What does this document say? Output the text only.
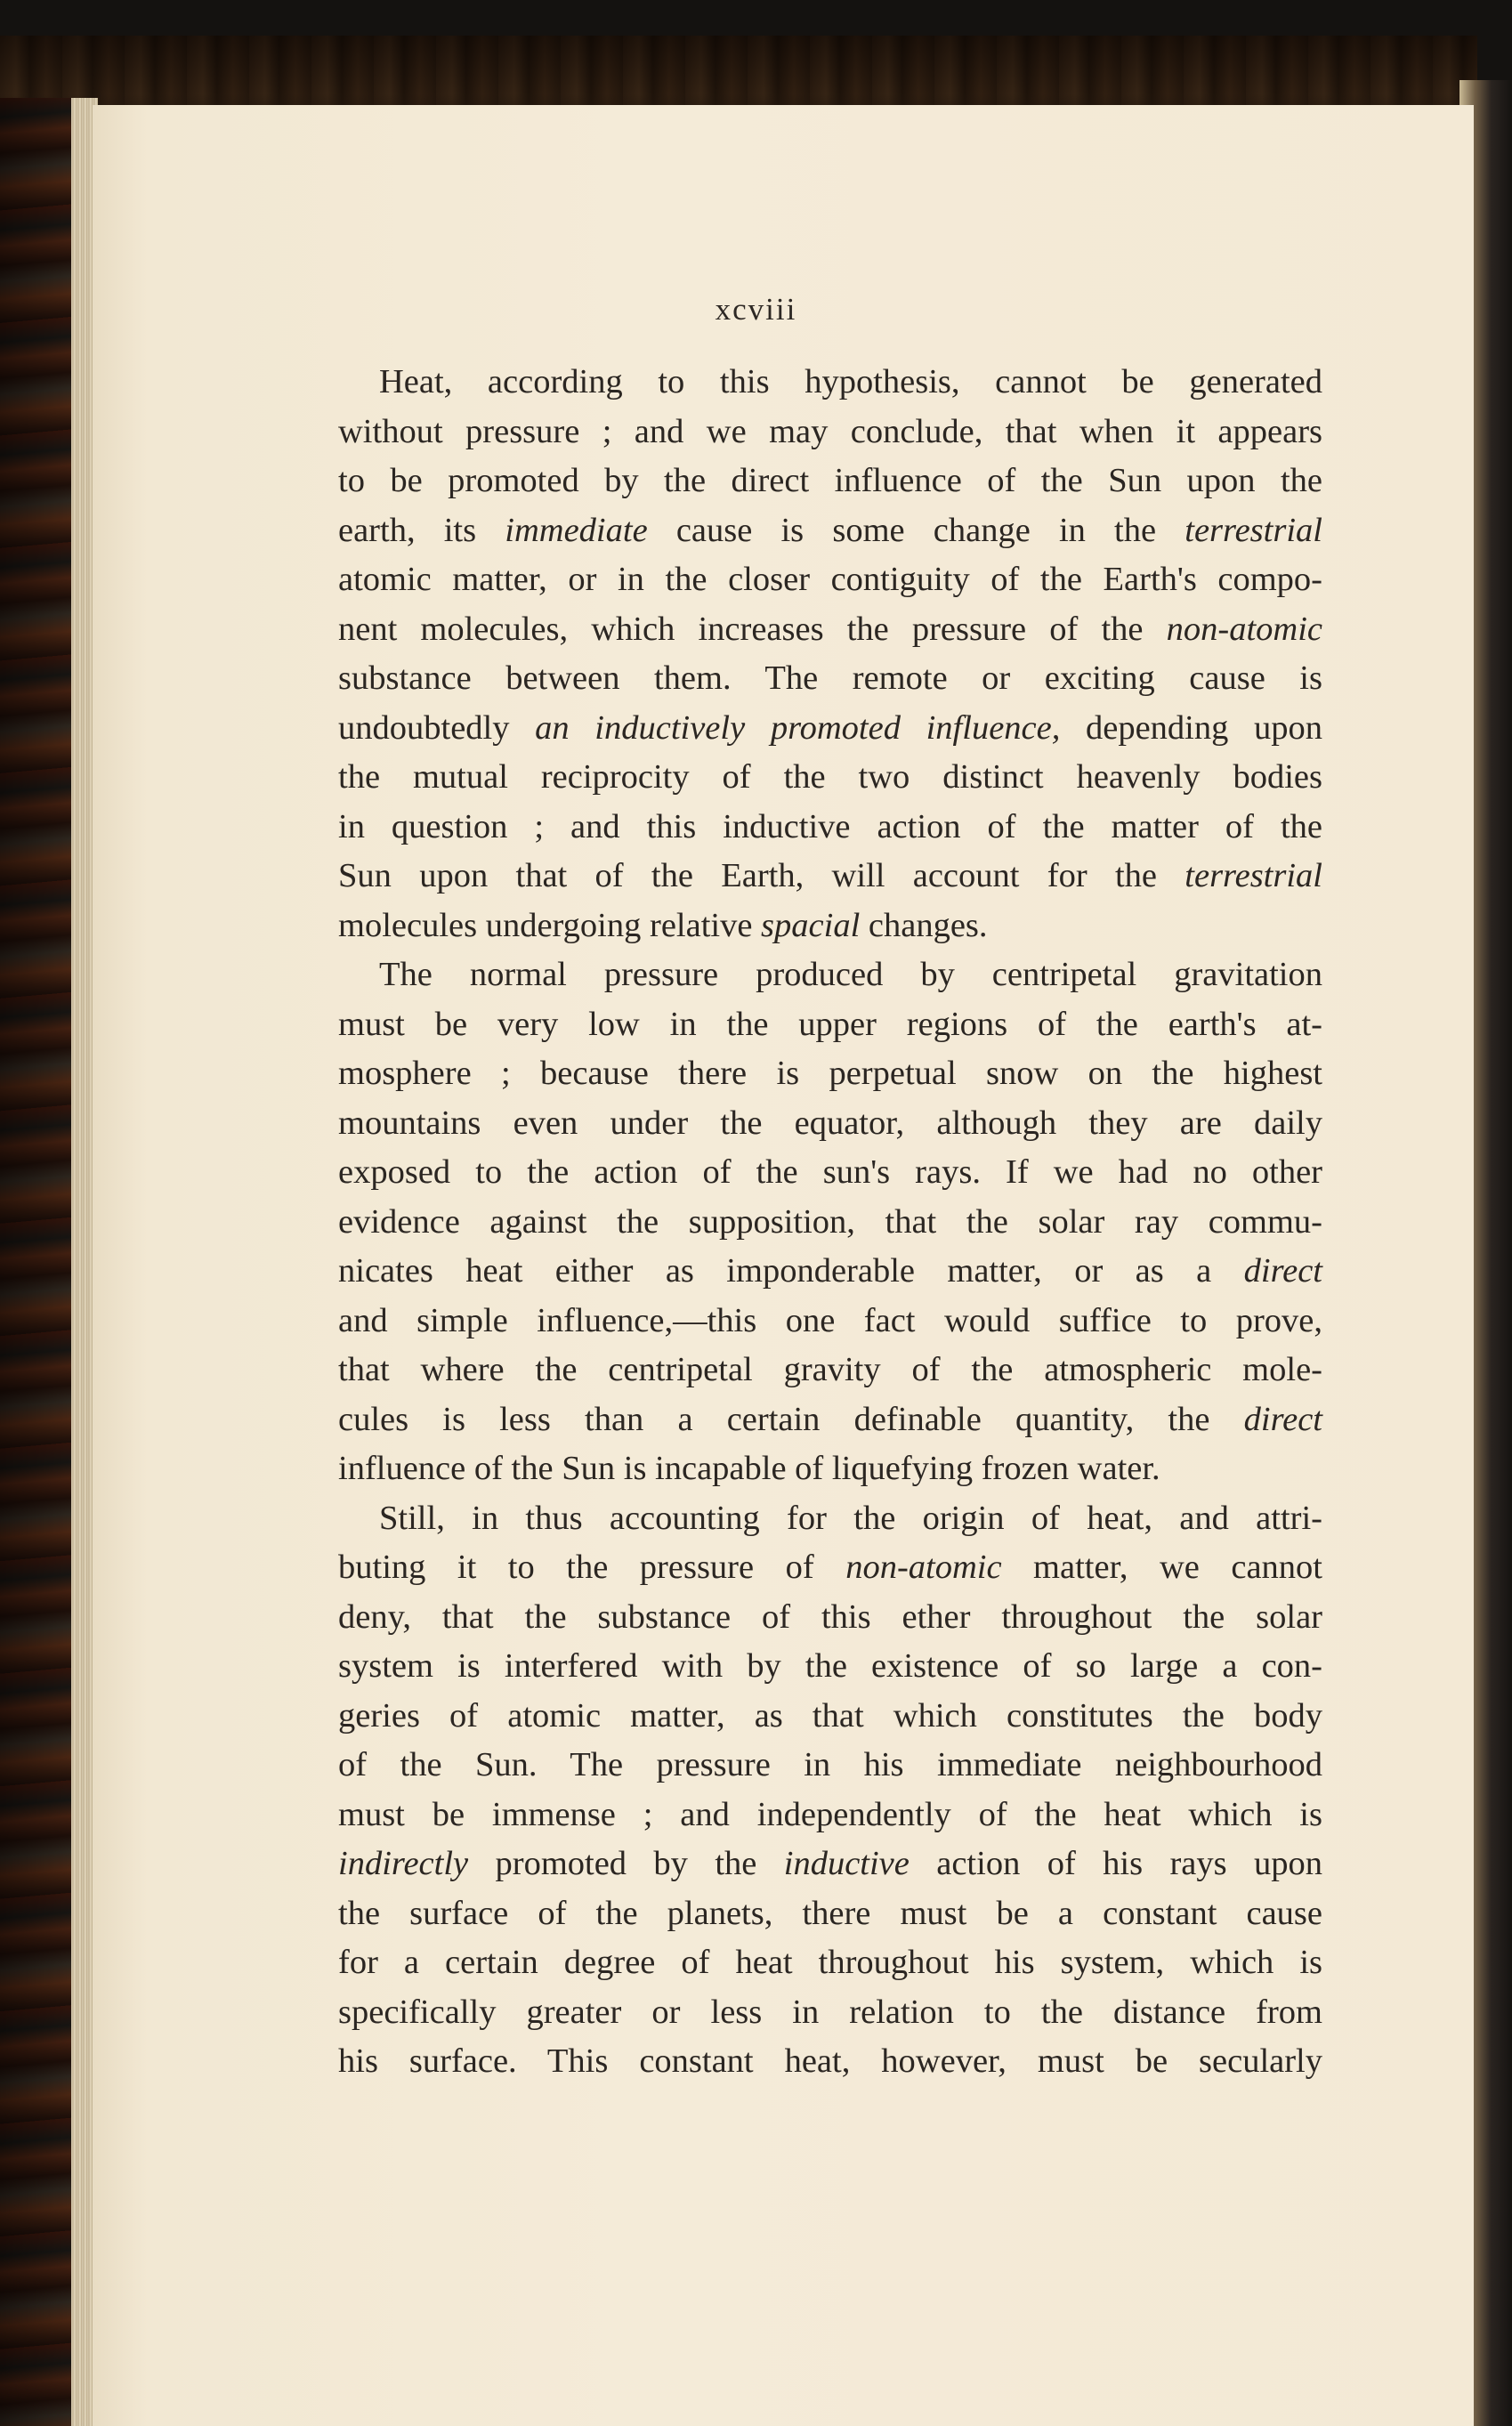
xcviii
Heat, according to this hypothesis, cannot be generated
without pressure ; and we may conclude, that when it appears
to be promoted by the direct influence of the Sun upon the
earth, its immediate cause is some change in the terrestrial
atomic matter, or in the closer contiguity of the Earth's compo-
nent molecules, which increases the pressure of the non-atomic
substance between them. The remote or exciting cause is
undoubtedly an inductively promoted influence, depending upon
the mutual reciprocity of the two distinct heavenly bodies
in question ; and this inductive action of the matter of the
Sun upon that of the Earth, will account for the terrestrial
molecules undergoing relative spacial changes.
The normal pressure produced by centripetal gravitation
must be very low in the upper regions of the earth's at-
mosphere ; because there is perpetual snow on the highest
mountains even under the equator, although they are daily
exposed to the action of the sun's rays. If we had no other
evidence against the supposition, that the solar ray commu-
nicates heat either as imponderable matter, or as a direct
and simple influence,—this one fact would suffice to prove,
that where the centripetal gravity of the atmospheric mole-
cules is less than a certain definable quantity, the direct
influence of the Sun is incapable of liquefying frozen water.
Still, in thus accounting for the origin of heat, and attri-
buting it to the pressure of non-atomic matter, we cannot
deny, that the substance of this ether throughout the solar
system is interfered with by the existence of so large a con-
geries of atomic matter, as that which constitutes the body
of the Sun. The pressure in his immediate neighbourhood
must be immense ; and independently of the heat which is
indirectly promoted by the inductive action of his rays upon
the surface of the planets, there must be a constant cause
for a certain degree of heat throughout his system, which is
specifically greater or less in relation to the distance from
his surface. This constant heat, however, must be secularly
